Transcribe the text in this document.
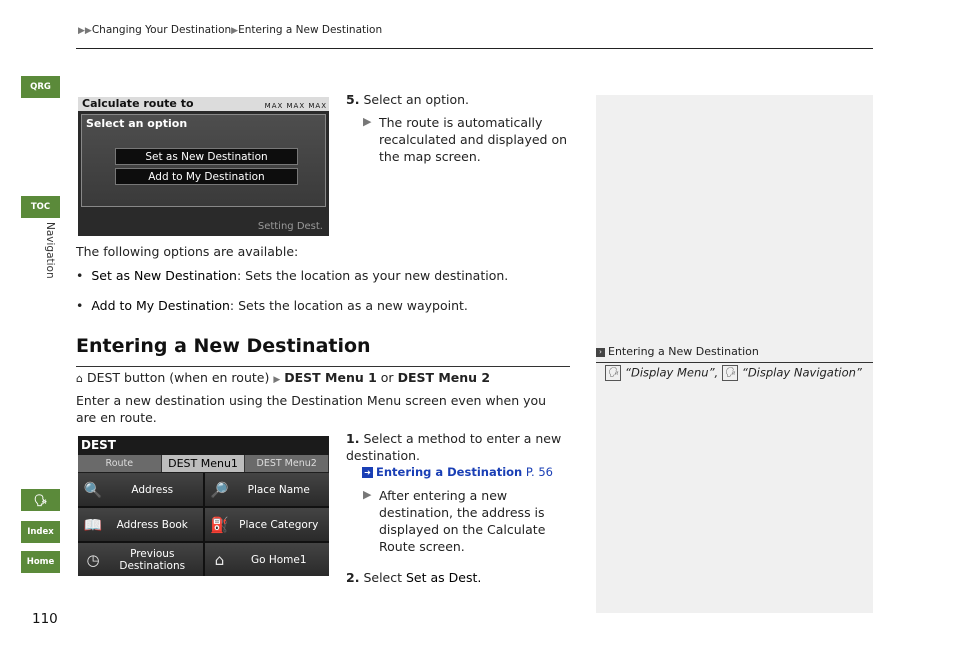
▶▶Changing Your Destination▶Entering a New Destination
QRG
TOC
Navigation
🗣
Index
Home
Calculate route to	MAX MAX MAX
Select an option
Set as New Destination
Add to My Destination
Setting Dest.
5. Select an option.
▶ The route is automatically recalculated and displayed on the map screen.
The following options are available:
•  Set as New Destination: Sets the location as your new destination.
•  Add to My Destination: Sets the location as a new waypoint.
Entering a New Destination
⌂ DEST button (when en route) ▶ DEST Menu 1 or DEST Menu 2
Enter a new destination using the Destination Menu screen even when you are en route.
DEST
Route	DEST Menu1	DEST Menu2
🔍	Address 🔎 Place Name
📖 Address Book ⛽ Place Category
◷	Previous Destinations	⌂	Go Home1
1. Select a method to enter a new destination.
➜ Entering a Destination P. 56
▶ After entering a new destination, the address is displayed on the Calculate Route screen.
2. Select Set as Dest.
› Entering a New Destination
🗣 “Display Menu”, 🗣 “Display Navigation”
110
